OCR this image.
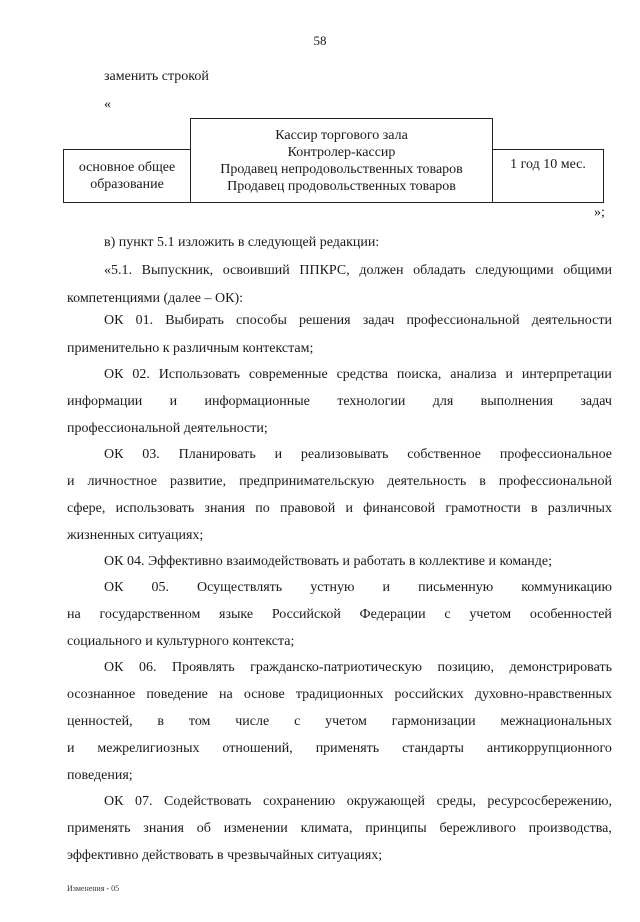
58
заменить строкой
«
основное общее
образование
Кассир торгового зала
Контролер-кассир
Продавец непродовольственных товаров
Продавец продовольственных товаров
1 год 10 мес.
»;
в) пункт 5.1 изложить в следующей редакции:
«5.1. Выпускник, освоивший ППКРС, должен обладать следующими общими
компетенциями (далее – ОК):
ОК 01. Выбирать способы решения задач профессиональной деятельности
применительно к различным контекстам;
ОК 02. Использовать современные средства поиска, анализа и интерпретации
информации и информационные технологии для выполнения задач
профессиональной деятельности;
ОК 03. Планировать и реализовывать собственное профессиональное
и личностное развитие, предпринимательскую деятельность в профессиональной
сфере, использовать знания по правовой и финансовой грамотности в различных
жизненных ситуациях;
ОК 04. Эффективно взаимодействовать и работать в коллективе и команде;
ОК 05. Осуществлять устную и письменную коммуникацию
на государственном языке Российской Федерации с учетом особенностей
социального и культурного контекста;
ОК 06. Проявлять гражданско-патриотическую позицию, демонстрировать
осознанное поведение на основе традиционных российских духовно-нравственных
ценностей, в том числе с учетом гармонизации межнациональных
и межрелигиозных отношений, применять стандарты антикоррупционного
поведения;
ОК 07. Содействовать сохранению окружающей среды, ресурсосбережению,
применять знания об изменении климата, принципы бережливого производства,
эффективно действовать в чрезвычайных ситуациях;
Изменения - 05
